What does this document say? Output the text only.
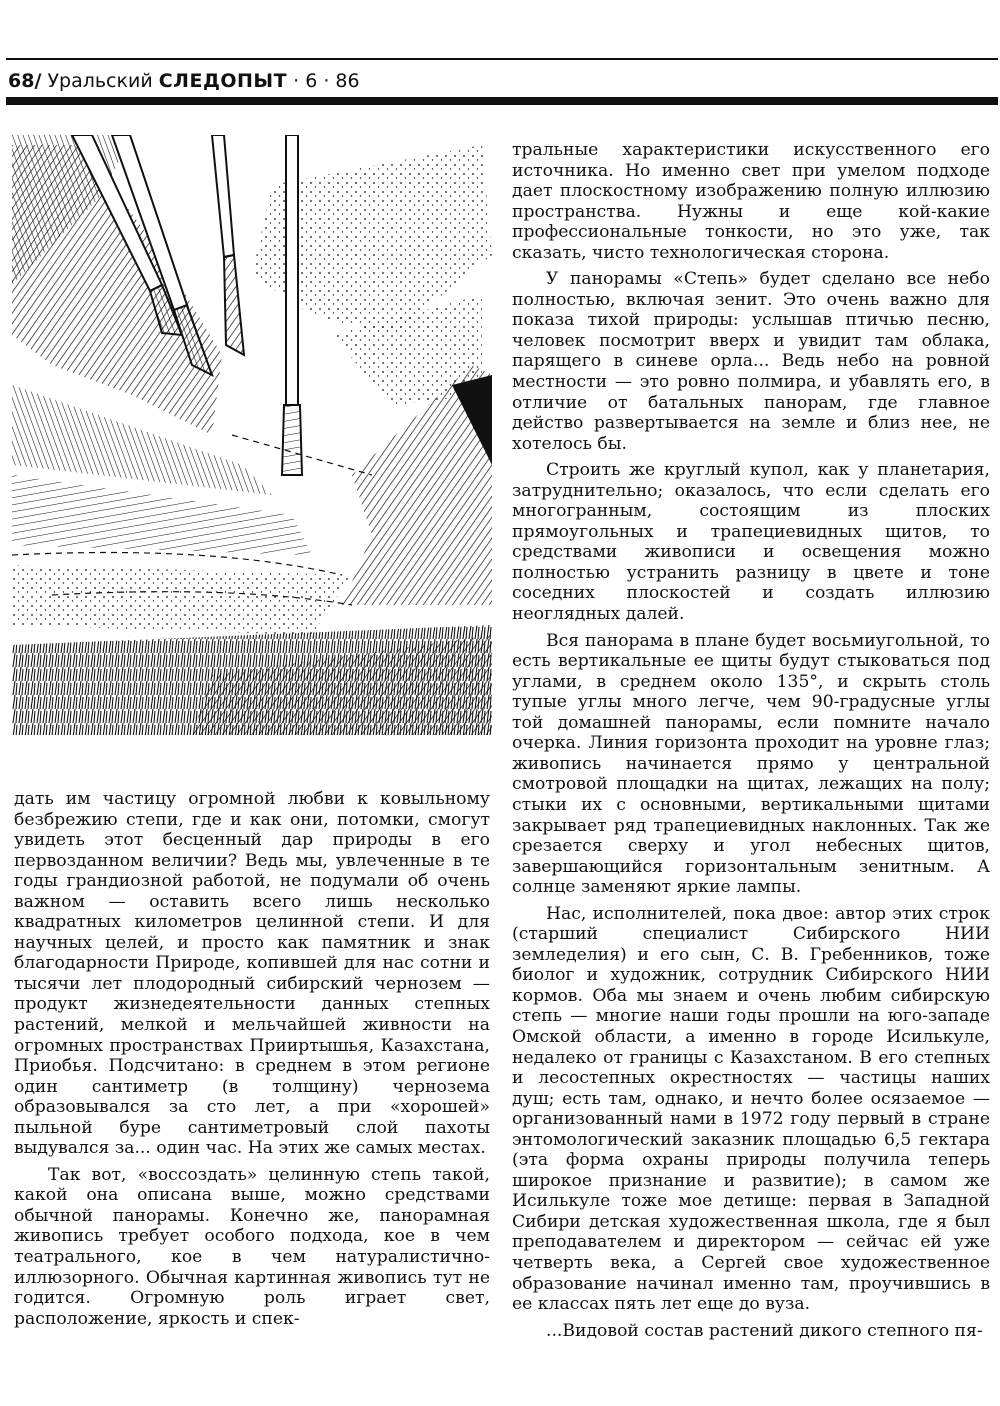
68/ Уральский СЛЕДОПЫТ · 6 · 86

дать им частицу огромной любви к ковыльному безбрежию степи, где и как они, потомки, смогут увидеть этот бесценный дар природы в его первозданном величии? Ведь мы, увлеченные в те годы грандиозной работой, не подумали об очень важном — оставить всего лишь несколько квадратных километров целинной степи. И для научных целей, и просто как памятник и знак благодарности Природе, копившей для нас сотни и тысячи лет плодородный сибирский чернозем — продукт жизнедеятельности данных степных растений, мелкой и мельчайшей живности на огромных пространствах Прииртышья, Казахстана, Приобья. Подсчитано: в среднем в этом регионе один сантиметр (в толщину) чернозема образовывался за сто лет, а при «хорошей» пыльной буре сантиметровый слой пахоты выдувался за... один час. На этих же самых местах.

Так вот, «воссоздать» целинную степь такой, какой она описана выше, можно средствами обычной панорамы. Конечно же, панорамная живопись требует особого подхода, кое в чем театрального, кое в чем натуралистично-иллюзорного. Обычная картинная живопись тут не годится. Огромную роль играет свет, расположение, яркость и спек-

тральные характеристики искусственного его источника. Но именно свет при умелом подходе дает плоскостному изображению полную иллюзию пространства. Нужны и еще кой-какие профессиональные тонкости, но это уже, так сказать, чисто технологическая сторона.

У панорамы «Степь» будет сделано все небо полностью, включая зенит. Это очень важно для показа тихой природы: услышав птичью песню, человек посмотрит вверх и увидит там облака, парящего в синеве орла... Ведь небо на ровной местности — это ровно полмира, и убавлять его, в отличие от батальных панорам, где главное действо развертывается на земле и близ нее, не хотелось бы.

Строить же круглый купол, как у планетария, затруднительно; оказалось, что если сделать его многогранным, состоящим из плоских прямоугольных и трапециевидных щитов, то средствами живописи и освещения можно полностью устранить разницу в цвете и тоне соседних плоскостей и создать иллюзию неоглядных далей.

Вся панорама в плане будет восьмиугольной, то есть вертикальные ее щиты будут стыковаться под углами, в среднем около 135°, и скрыть столь тупые углы много легче, чем 90-градусные углы той домашней панорамы, если помните начало очерка. Линия горизонта проходит на уровне глаз; живопись начинается прямо у центральной смотровой площадки на щитах, лежащих на полу; стыки их с основными, вертикальными щитами закрывает ряд трапециевидных наклонных. Так же срезается сверху и угол небесных щитов, завершающийся горизонтальным зенитным. А солнце заменяют яркие лампы.

Нас, исполнителей, пока двое: автор этих строк (старший специалист Сибирского НИИ земледелия) и его сын, С. В. Гребенников, тоже биолог и художник, сотрудник Сибирского НИИ кормов. Оба мы знаем и очень любим сибирскую степь — многие наши годы прошли на юго-западе Омской области, а именно в городе Исилькуле, недалеко от границы с Казахстаном. В его степных и лесостепных окрестностях — частицы наших душ; есть там, однако, и нечто более осязаемое — организованный нами в 1972 году первый в стране энтомологический заказник площадью 6,5 гектара (эта форма охраны природы получила теперь широкое признание и развитие); в самом же Исилькуле тоже мое детище: первая в Западной Сибири детская художественная школа, где я был преподавателем и директором — сейчас ей уже четверть века, а Сергей свое художественное образование начинал именно там, проучившись в ее классах пять лет еще до вуза.

...Видовой состав растений дикого степного пя-
